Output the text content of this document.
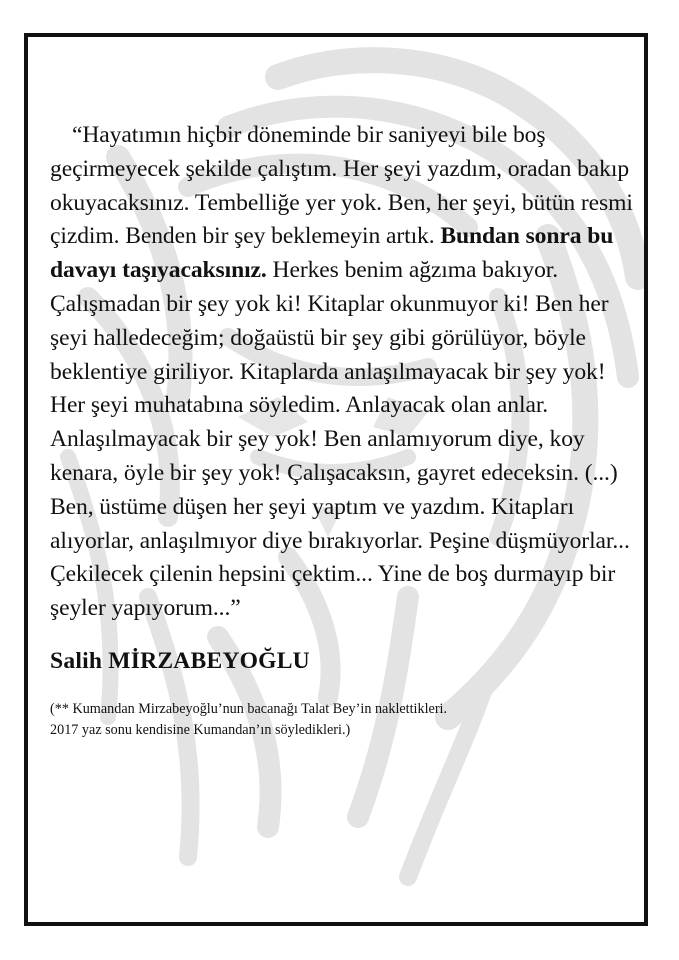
“Hayatımın hiçbir döneminde bir saniyeyi bile boş geçirmeyecek şekilde çalıştım. Her şeyi yazdım, oradan bakıp okuyacaksınız. Tembelliğe yer yok. Ben, her şeyi, bütün resmi çizdim. Benden bir şey beklemeyin artık. Bundan sonra bu davayı taşıyacaksınız. Herkes benim ağzıma bakıyor. Çalışmadan bir şey yok ki! Kitaplar okunmuyor ki! Ben her şeyi halledeceğim; doğaüstü bir şey gibi görülüyor, böyle beklentiye giriliyor. Kitaplarda anlaşılmayacak bir şey yok! Her şeyi muhatabına söyledim. Anlayacak olan anlar. Anlaşılmayacak bir şey yok! Ben anlamıyorum diye, koy kenara, öyle bir şey yok! Çalışacaksın, gayret edeceksin. (...) Ben, üstüme düşen her şeyi yaptım ve yazdım. Kitapları alıyorlar, anlaşılmıyor diye bırakıyorlar. Peşine düşmüyorlar... Çekilecek çilenin hepsini çektim... Yine de boş durmayıp bir şeyler yapıyorum...”

Salih MİRZABEYOĞLU
(** Kumandan Mirzabeyoğlu’nun bacanağı Talat Bey’in naklettikleri.
2017 yaz sonu kendisine Kumandan’ın söyledikleri.)
